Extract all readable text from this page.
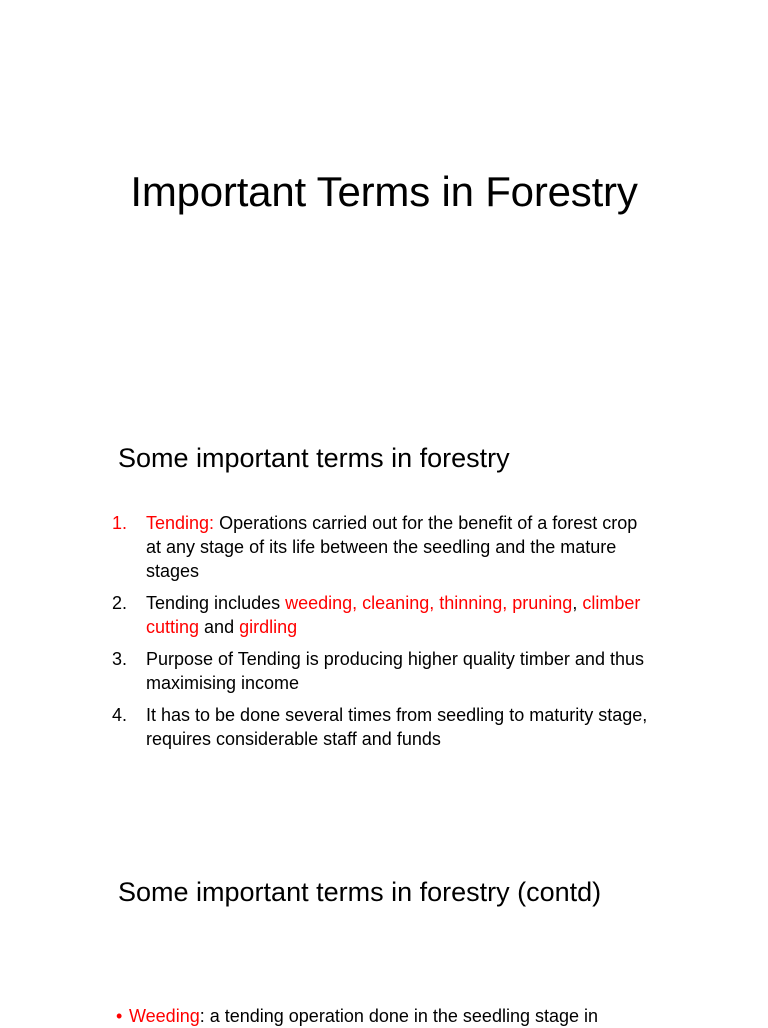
Important Terms in Forestry
Some important terms in forestry
1. Tending: Operations carried out for the benefit of a forest crop at any stage of its life between the seedling and the mature stages
2. Tending includes weeding, cleaning, thinning, pruning, climber cutting and girdling
3. Purpose of Tending is producing higher quality timber and thus maximising income
4. It has to be done several times from seedling to maturity stage, requires considerable staff and funds
Some important terms in forestry (contd)
• Weeding: a tending operation done in the seedling stage in
